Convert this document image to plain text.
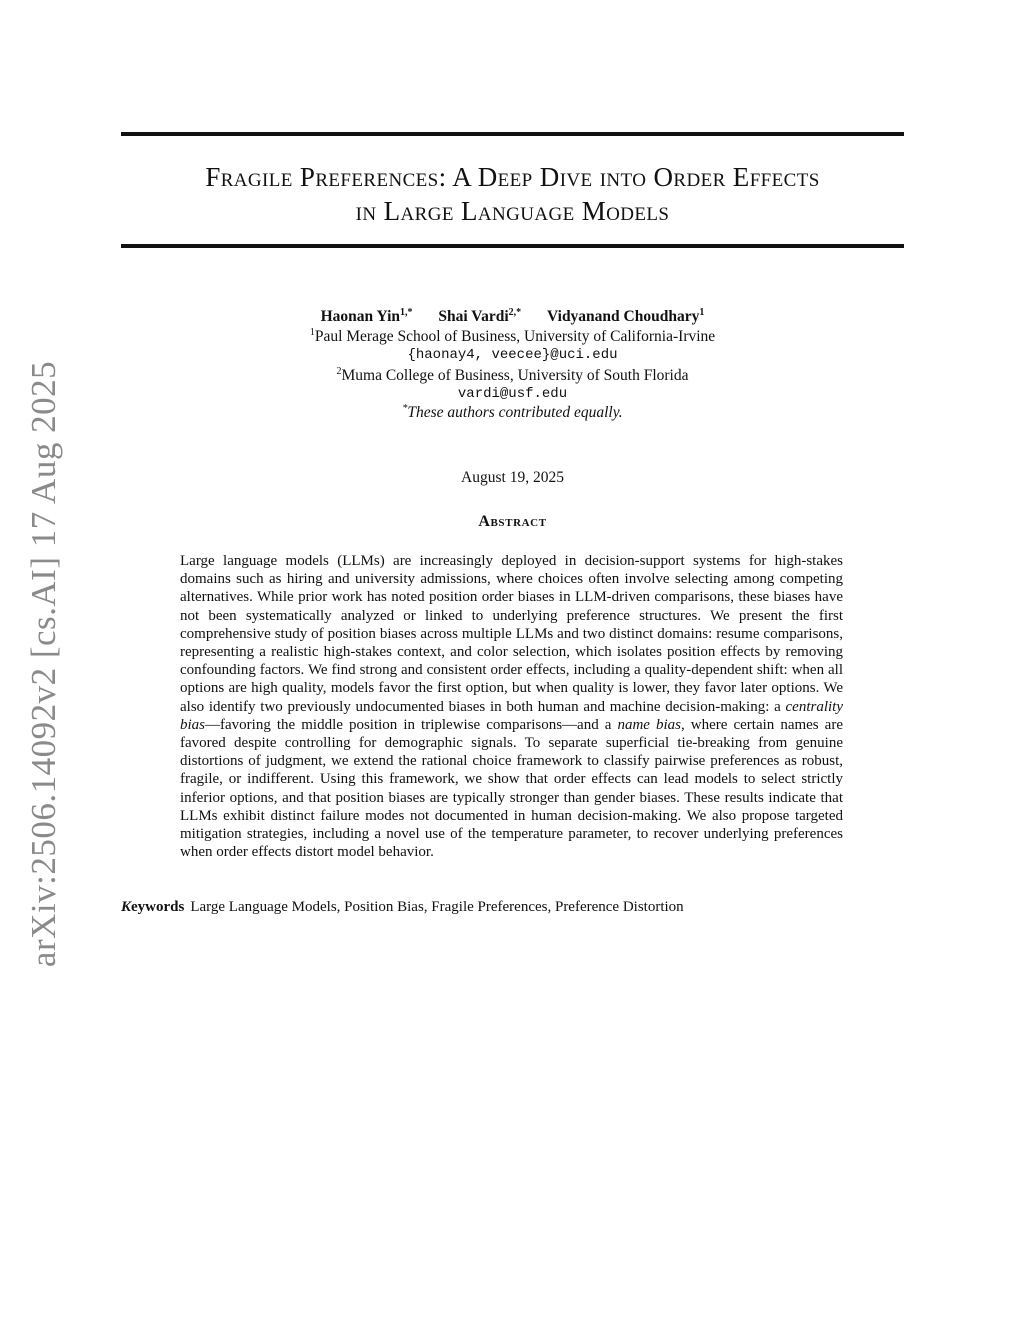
arXiv:2506.14092v2 [cs.AI] 17 Aug 2025
Fragile Preferences: A Deep Dive into Order Effects
in Large Language Models
Haonan Yin$^{1,*}$ Shai Vardi$^{2,*}$ Vidyanand Choudhary$^1$
$^1$Paul Merage School of Business, University of California-Irvine
{haonay4, veecee}@uci.edu
$^2$Muma College of Business, University of South Florida
vardi@usf.edu
*These authors contributed equally.
August 19, 2025
Abstract
Large language models (LLMs) are increasingly deployed in decision-support systems for high-stakes domains such as hiring and university admissions, where choices often involve selecting among competing alternatives. While prior work has noted position order biases in LLM-driven comparisons, these biases have not been systematically analyzed or linked to underlying preference structures. We present the first comprehensive study of position biases across multiple LLMs and two distinct domains: resume comparisons, representing a realistic high-stakes context, and color selection, which isolates position effects by removing confounding factors. We find strong and consistent order effects, including a quality-dependent shift: when all options are high quality, models favor the first option, but when quality is lower, they favor later options. We also identify two previously undocumented biases in both human and machine decision-making: a centrality bias—favoring the middle position in triplewise comparisons—and a name bias, where certain names are favored despite controlling for demographic signals. To separate superficial tie-breaking from genuine distortions of judgment, we extend the rational choice framework to classify pairwise preferences as robust, fragile, or indifferent. Using this framework, we show that order effects can lead models to select strictly inferior options, and that position biases are typically stronger than gender biases. These results indicate that LLMs exhibit distinct failure modes not documented in human decision-making. We also propose targeted mitigation strategies, including a novel use of the temperature parameter, to recover underlying preferences when order effects distort model behavior.
Keywords Large Language Models, Position Bias, Fragile Preferences, Preference Distortion
